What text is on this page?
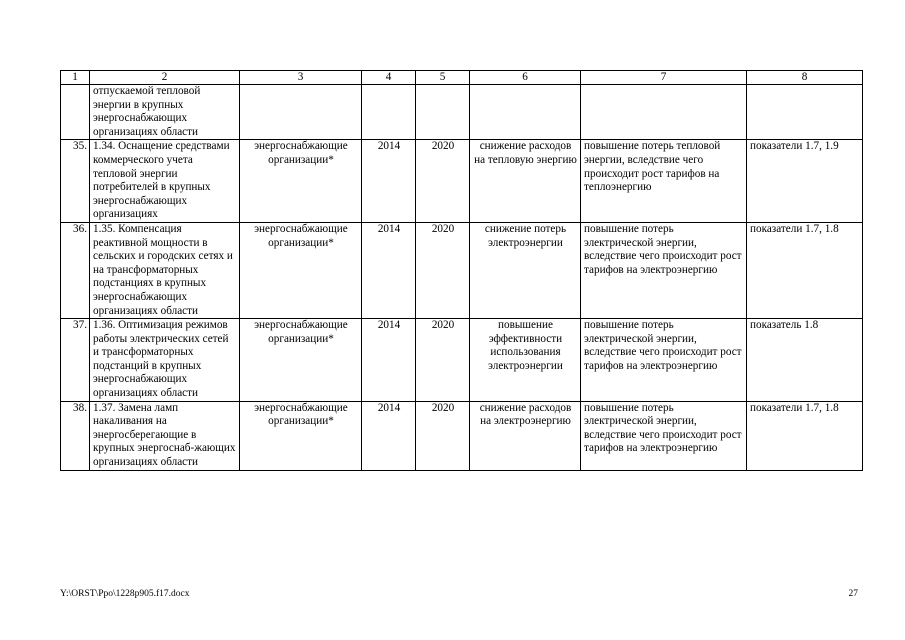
1	2	3	4	5	6	7	8
	отпускаемой тепловой энергии в крупных энергоснабжающих организациях области						
35.	1.34. Оснащение средствами коммерческого учета тепловой энергии потребителей в крупных энергоснабжающих организациях	энергоснабжающие организации*	2014	2020	снижение расходов на тепловую энергию	повышение потерь тепловой энергии, вследствие чего происходит рост тарифов на теплоэнергию	показатели 1.7, 1.9
36.	1.35. Компенсация реактивной мощности в сельских и городских сетях и на трансформаторных подстанциях в крупных энергоснабжающих организациях области	энергоснабжающие организации*	2014	2020	снижение потерь электроэнергии	повышение потерь электрической энергии, вследствие чего происходит рост тарифов на электроэнергию	показатели 1.7, 1.8
37.	1.36. Оптимизация режимов работы электрических сетей и трансформаторных подстанций в крупных энергоснабжающих организациях области	энергоснабжающие организации*	2014	2020	повышение эффективности использования электроэнергии	повышение потерь электрической энергии, вследствие чего происходит рост тарифов на электроэнергию	показатель 1.8
38.	1.37. Замена ламп накаливания на энергосберегающие в крупных энергоснаб-жающих организациях области	энергоснабжающие организации*	2014	2020	снижение расходов на электроэнергию	повышение потерь электрической энергии, вследствие чего происходит рост тарифов на электроэнергию	показатели 1.7, 1.8
Y:\ORST\Ppo\1228p905.f17.docx	27
